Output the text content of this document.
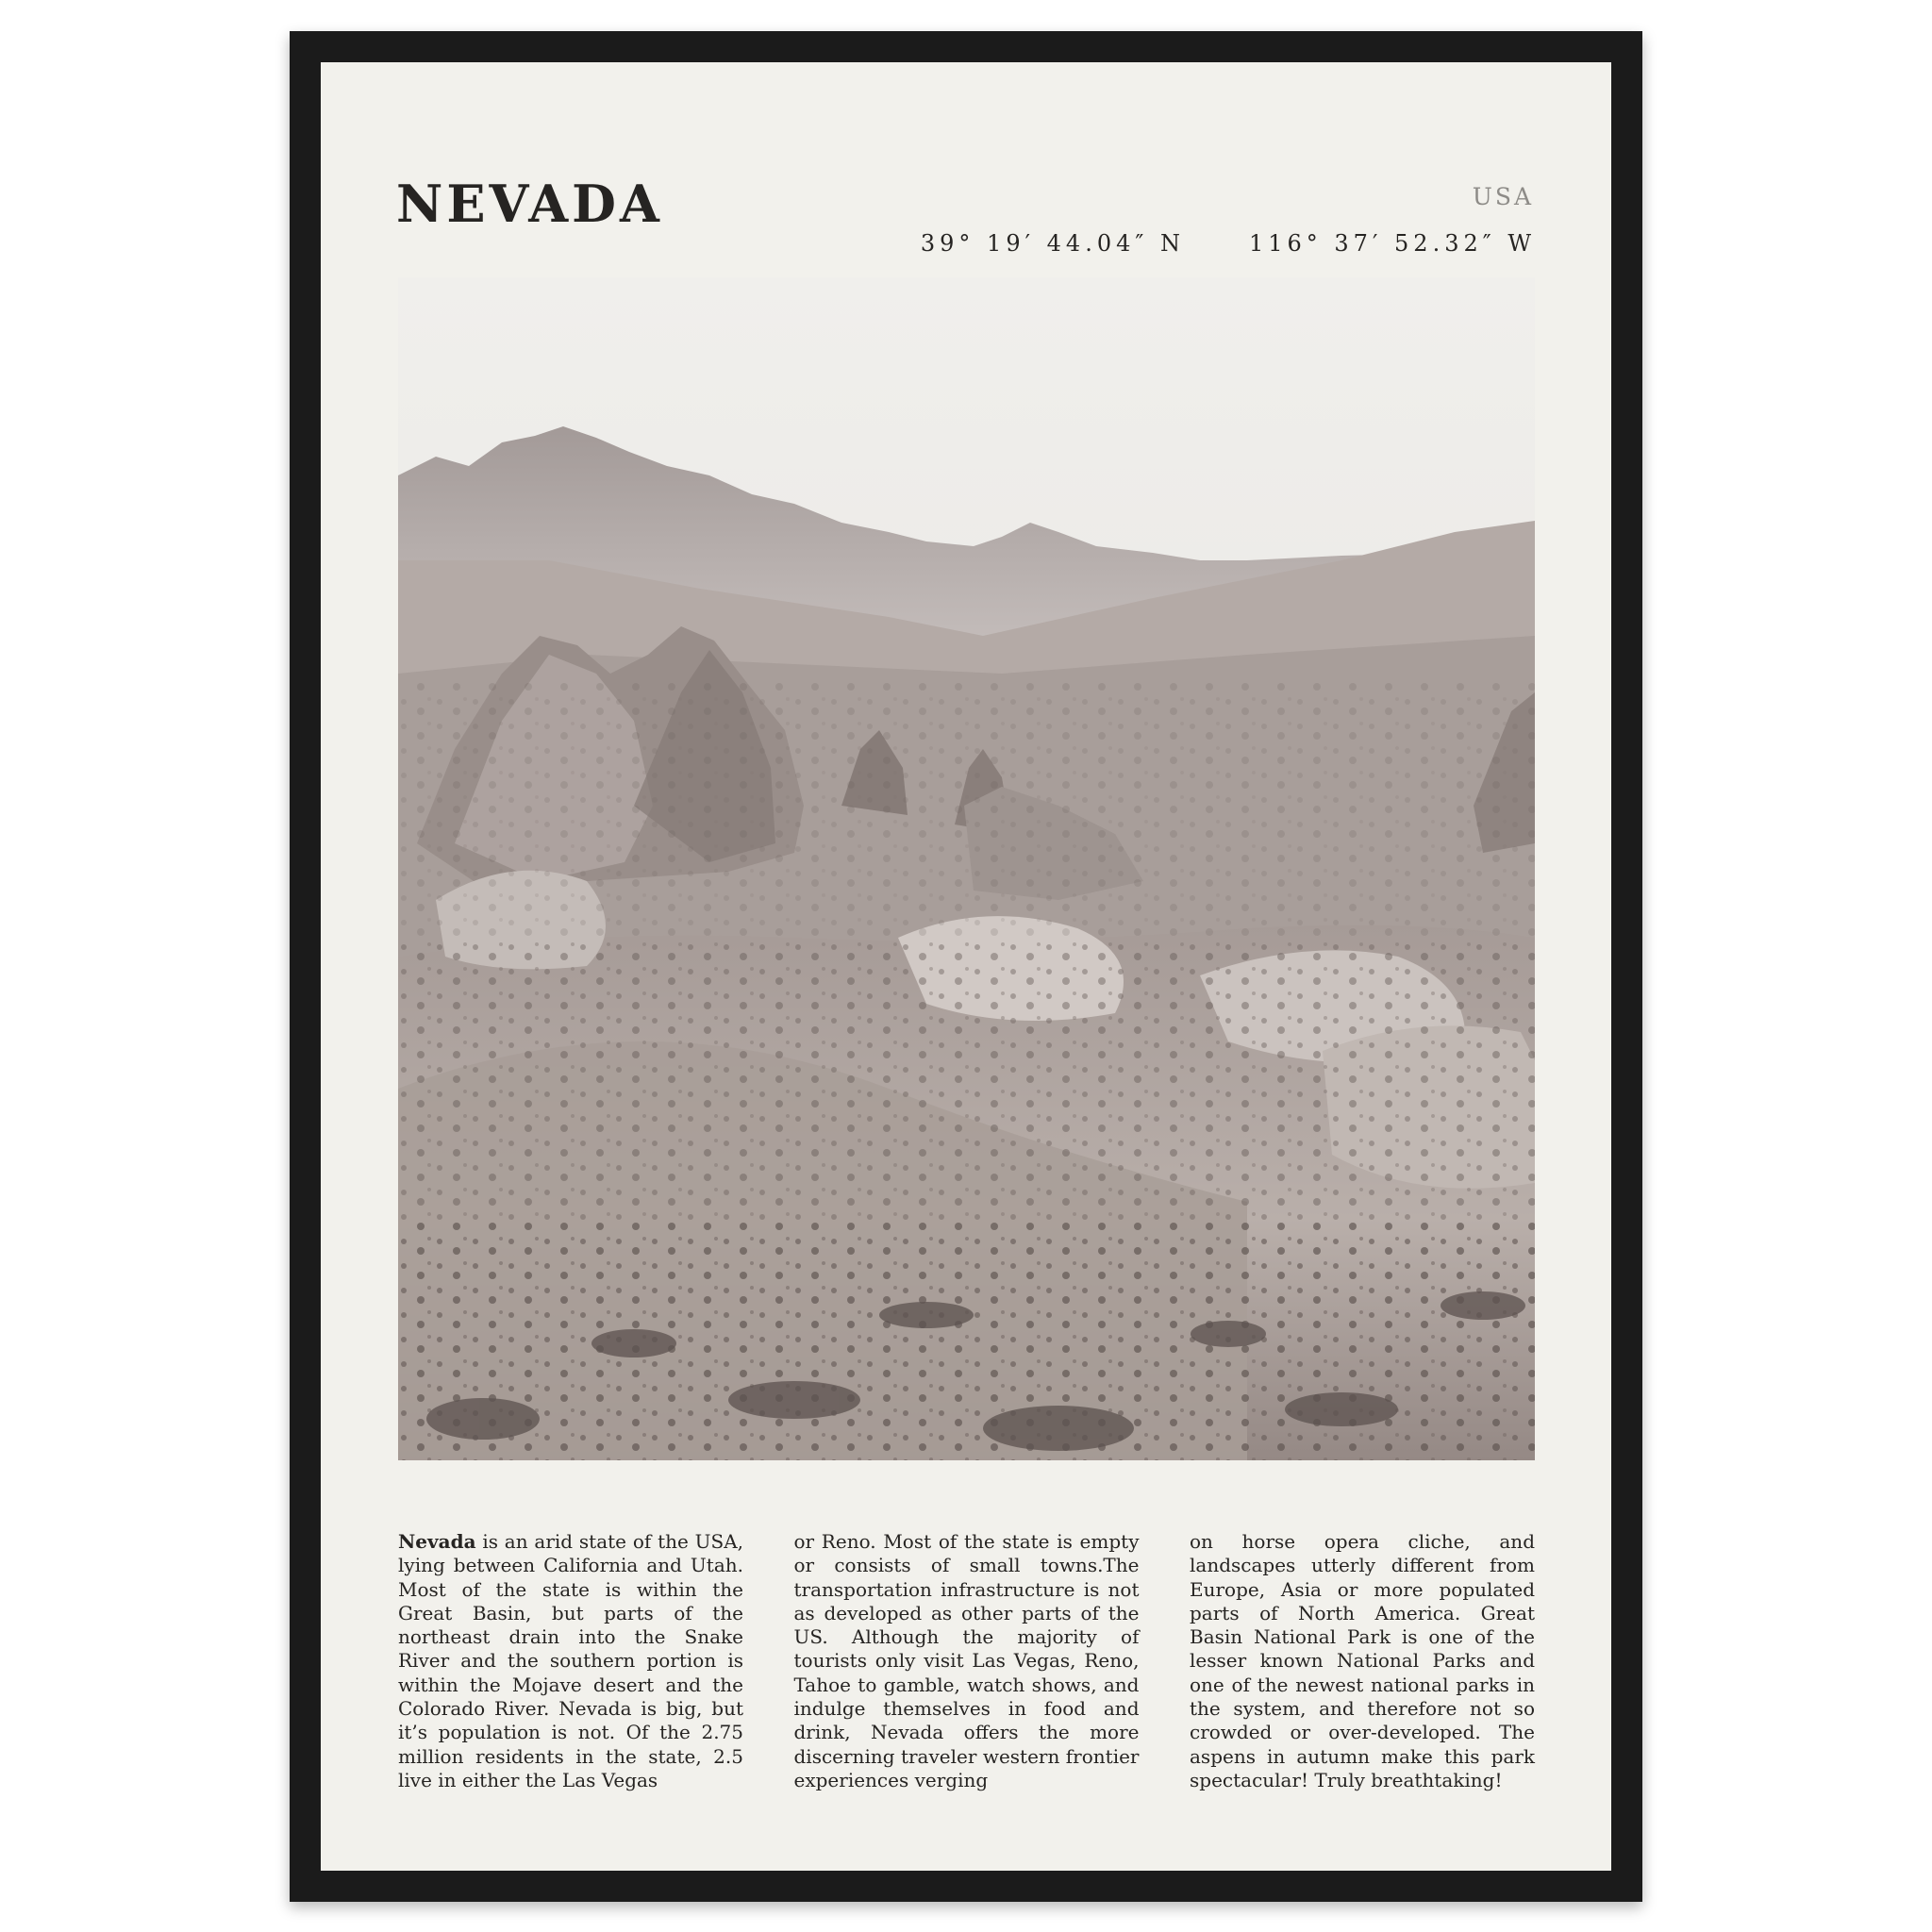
NEVADA	USA
39° 19′ 44.04″ N	116° 37′ 52.32″ W

Nevada is an arid state of the USA, lying between California and Utah. Most of the state is within the Great Basin, but parts of the northeast drain into the Snake River and the southern portion is within the Mojave desert and the Colorado River. Nevada is big, but it’s population is not. Of the 2.75 million residents in the state, 2.5 live in either the Las Vegas

or Reno. Most of the state is empty or consists of small towns.The transportation infrastructure is not as developed as other parts of the US. Although the majority of tourists only visit Las Vegas, Reno, Tahoe to gamble, watch shows, and indulge themselves in food and drink, Nevada offers the more discerning traveler western frontier experiences verging

on horse opera cliche, and landscapes utterly different from Europe, Asia or more populated parts of North America. Great Basin National Park is one of the lesser known National Parks and one of the newest national parks in the system, and therefore not so crowded or over-developed. The aspens in autumn make this park spectacular! Truly breathtaking!
